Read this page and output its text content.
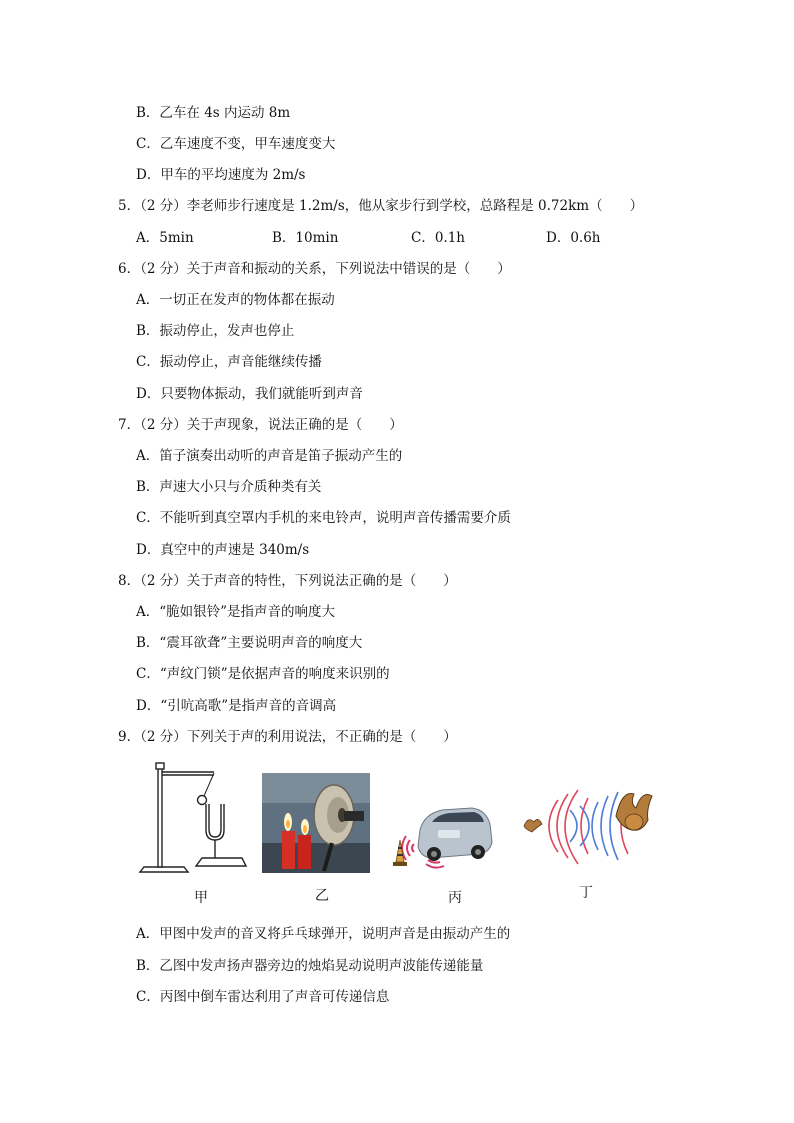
B．乙车在 4s 内运动 8m
C．乙车速度不变，甲车速度变大
D．甲车的平均速度为 2m/s
5．（2 分）李老师步行速度是 1.2m/s，他从家步行到学校，总路程是 0.72km（　　）
A．5min	B．10min	C．0.1h	D．0.6h
6．（2 分）关于声音和振动的关系，下列说法中错误的是（　　）
A．一切正在发声的物体都在振动
B．振动停止，发声也停止
C．振动停止，声音能继续传播
D．只要物体振动，我们就能听到声音
7．（2 分）关于声现象，说法正确的是（　　）
A．笛子演奏出动听的声音是笛子振动产生的
B．声速大小只与介质种类有关
C．不能听到真空罩内手机的来电铃声，说明声音传播需要介质
D．真空中的声速是 340m/s
8．（2 分）关于声音的特性，下列说法正确的是（　　）
A．“脆如银铃”是指声音的响度大
B．“震耳欲聋”主要说明声音的响度大
C．“声纹门锁”是依据声音的响度来识别的
D．“引吭高歌”是指声音的音调高
9．（2 分）下列关于声的利用说法，不正确的是（　　）
甲	乙	丙	丁
A．甲图中发声的音叉将乒乓球弹开，说明声音是由振动产生的
B．乙图中发声扬声器旁边的烛焰晃动说明声波能传递能量
C．丙图中倒车雷达利用了声音可传递信息
